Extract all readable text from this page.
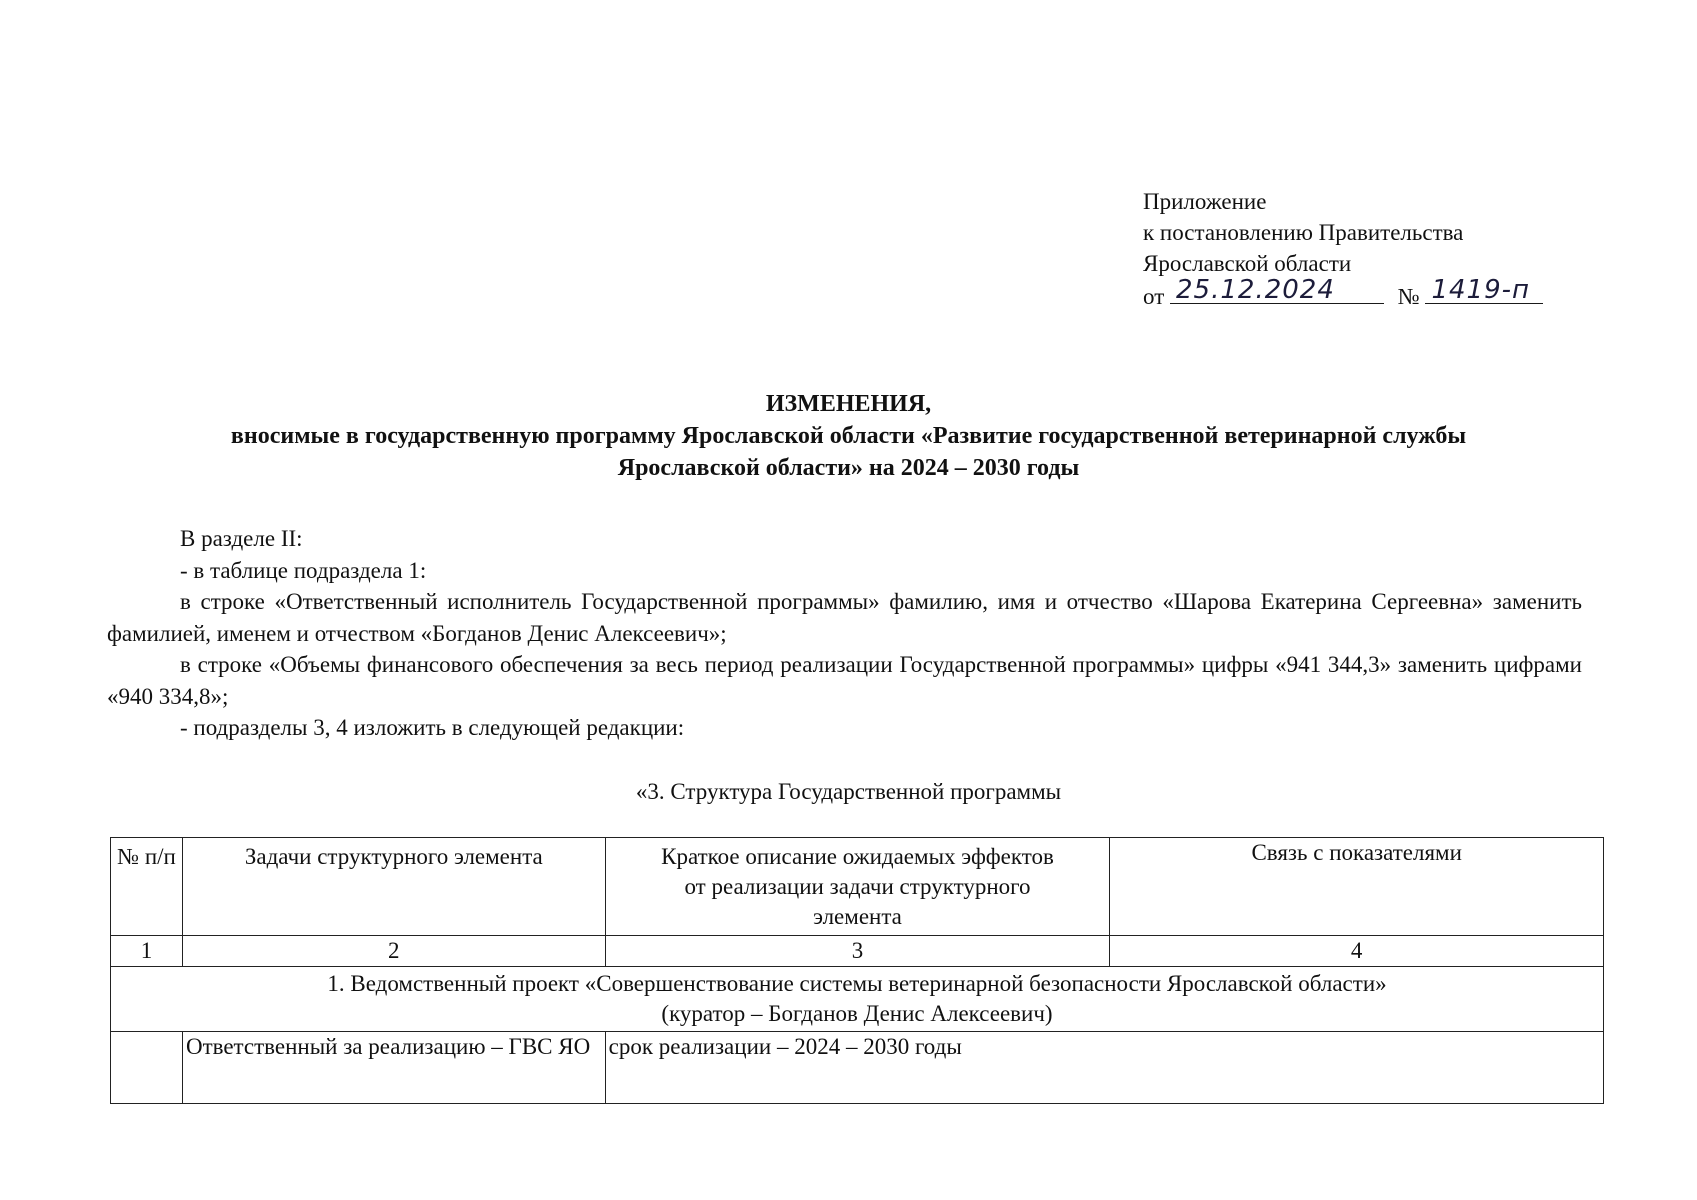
Приложение
к постановлению Правительства
Ярославской области
от 25.12.2024	№ 1419-п
ИЗМЕНЕНИЯ,
вносимые в государственную программу Ярославской области «Развитие государственной ветеринарной службы
Ярославской области» на 2024 – 2030 годы

В разделе II:

- в таблице подраздела 1:

в строке «Ответственный исполнитель Государственной программы» фамилию, имя и отчество «Шарова Екатерина Сергеевна» заменить фамилией, именем и отчеством «Богданов Денис Алексеевич»;

в строке «Объемы финансового обеспечения за весь период реализации Государственной программы» цифры «941 344,3» заменить цифрами «940 334,8»;

- подразделы 3, 4 изложить в следующей редакции:

«3. Структура Государственной программы
№ п/п	Задачи структурного элемента	Краткое описание ожидаемых эффектов от реализации задачи структурного элемента	Связь с показателями
1	2	3	4

1. Ведомственный проект «Совершенствование системы ветеринарной безопасности Ярославской области»
(куратор – Богданов Денис Алексеевич)			

	Ответственный за реализацию – ГВС ЯО	срок реализации – 2024 – 2030 годы	
